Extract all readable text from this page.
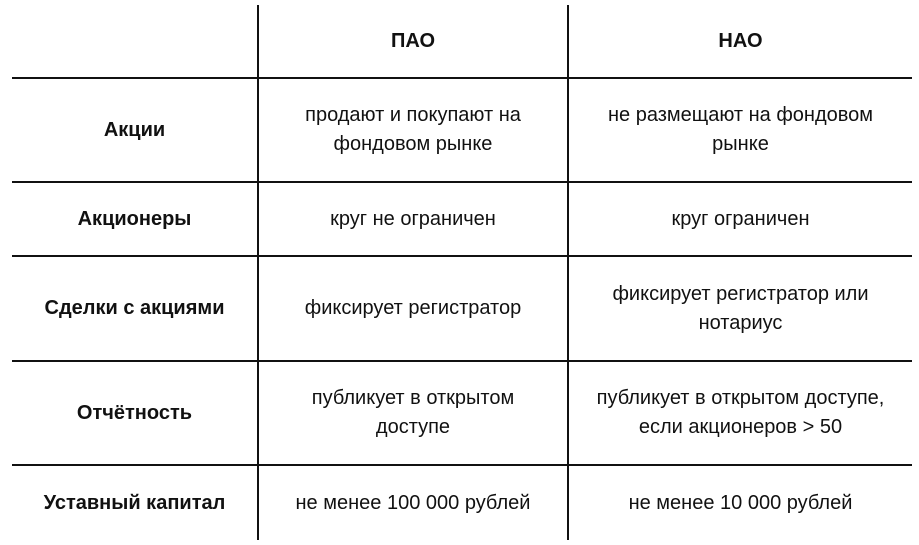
	ПАО	НАО
Акции	продают и покупают на фондовом рынке	не размещают на фондовом рынке
Акционеры	круг не ограничен	круг ограничен
Сделки с акциями	фиксирует регистратор	фиксирует регистратор или нотариус
Отчётность	публикует в открытом доступе	публикует в открытом доступе, если акционеров > 50
Уставный капитал	не менее 100 000 рублей	не менее 10 000 рублей
